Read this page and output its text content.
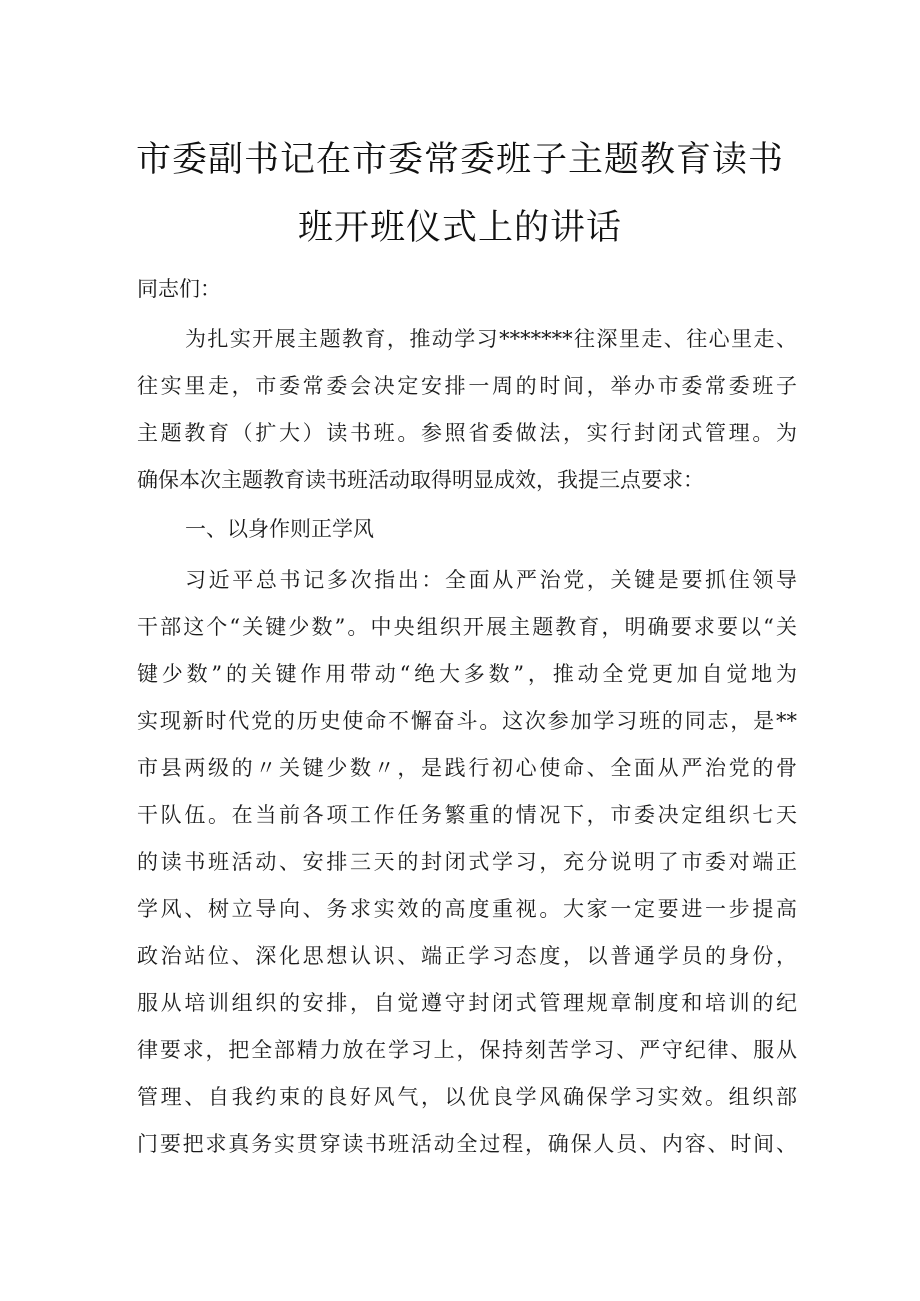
市委副书记在市委常委班子主题教育读书
班开班仪式上的讲话
同志们：
为扎实开展主题教育，推动学习*******往深里走、往心里走、
往实里走，市委常委会决定安排一周的时间，举办市委常委班子
主题教育（扩大）读书班。参照省委做法，实行封闭式管理。为
确保本次主题教育读书班活动取得明显成效，我提三点要求：
一、以身作则正学风
习近平总书记多次指出：全面从严治党，关键是要抓住领导
干部这个“关键少数”。中央组织开展主题教育，明确要求要以“关
键少数”的关键作用带动“绝大多数”，推动全党更加自觉地为
实现新时代党的历史使命不懈奋斗。这次参加学习班的同志，是**
市县两级的〃关键少数〃，是践行初心使命、全面从严治党的骨
干队伍。在当前各项工作任务繁重的情况下，市委决定组织七天
的读书班活动、安排三天的封闭式学习，充分说明了市委对端正
学风、树立导向、务求实效的高度重视。大家一定要进一步提高
政治站位、深化思想认识、端正学习态度，以普通学员的身份，
服从培训组织的安排，自觉遵守封闭式管理规章制度和培训的纪
律要求，把全部精力放在学习上，保持刻苦学习、严守纪律、服从
管理、自我约束的良好风气，以优良学风确保学习实效。组织部
门要把求真务实贯穿读书班活动全过程，确保人员、内容、时间、
